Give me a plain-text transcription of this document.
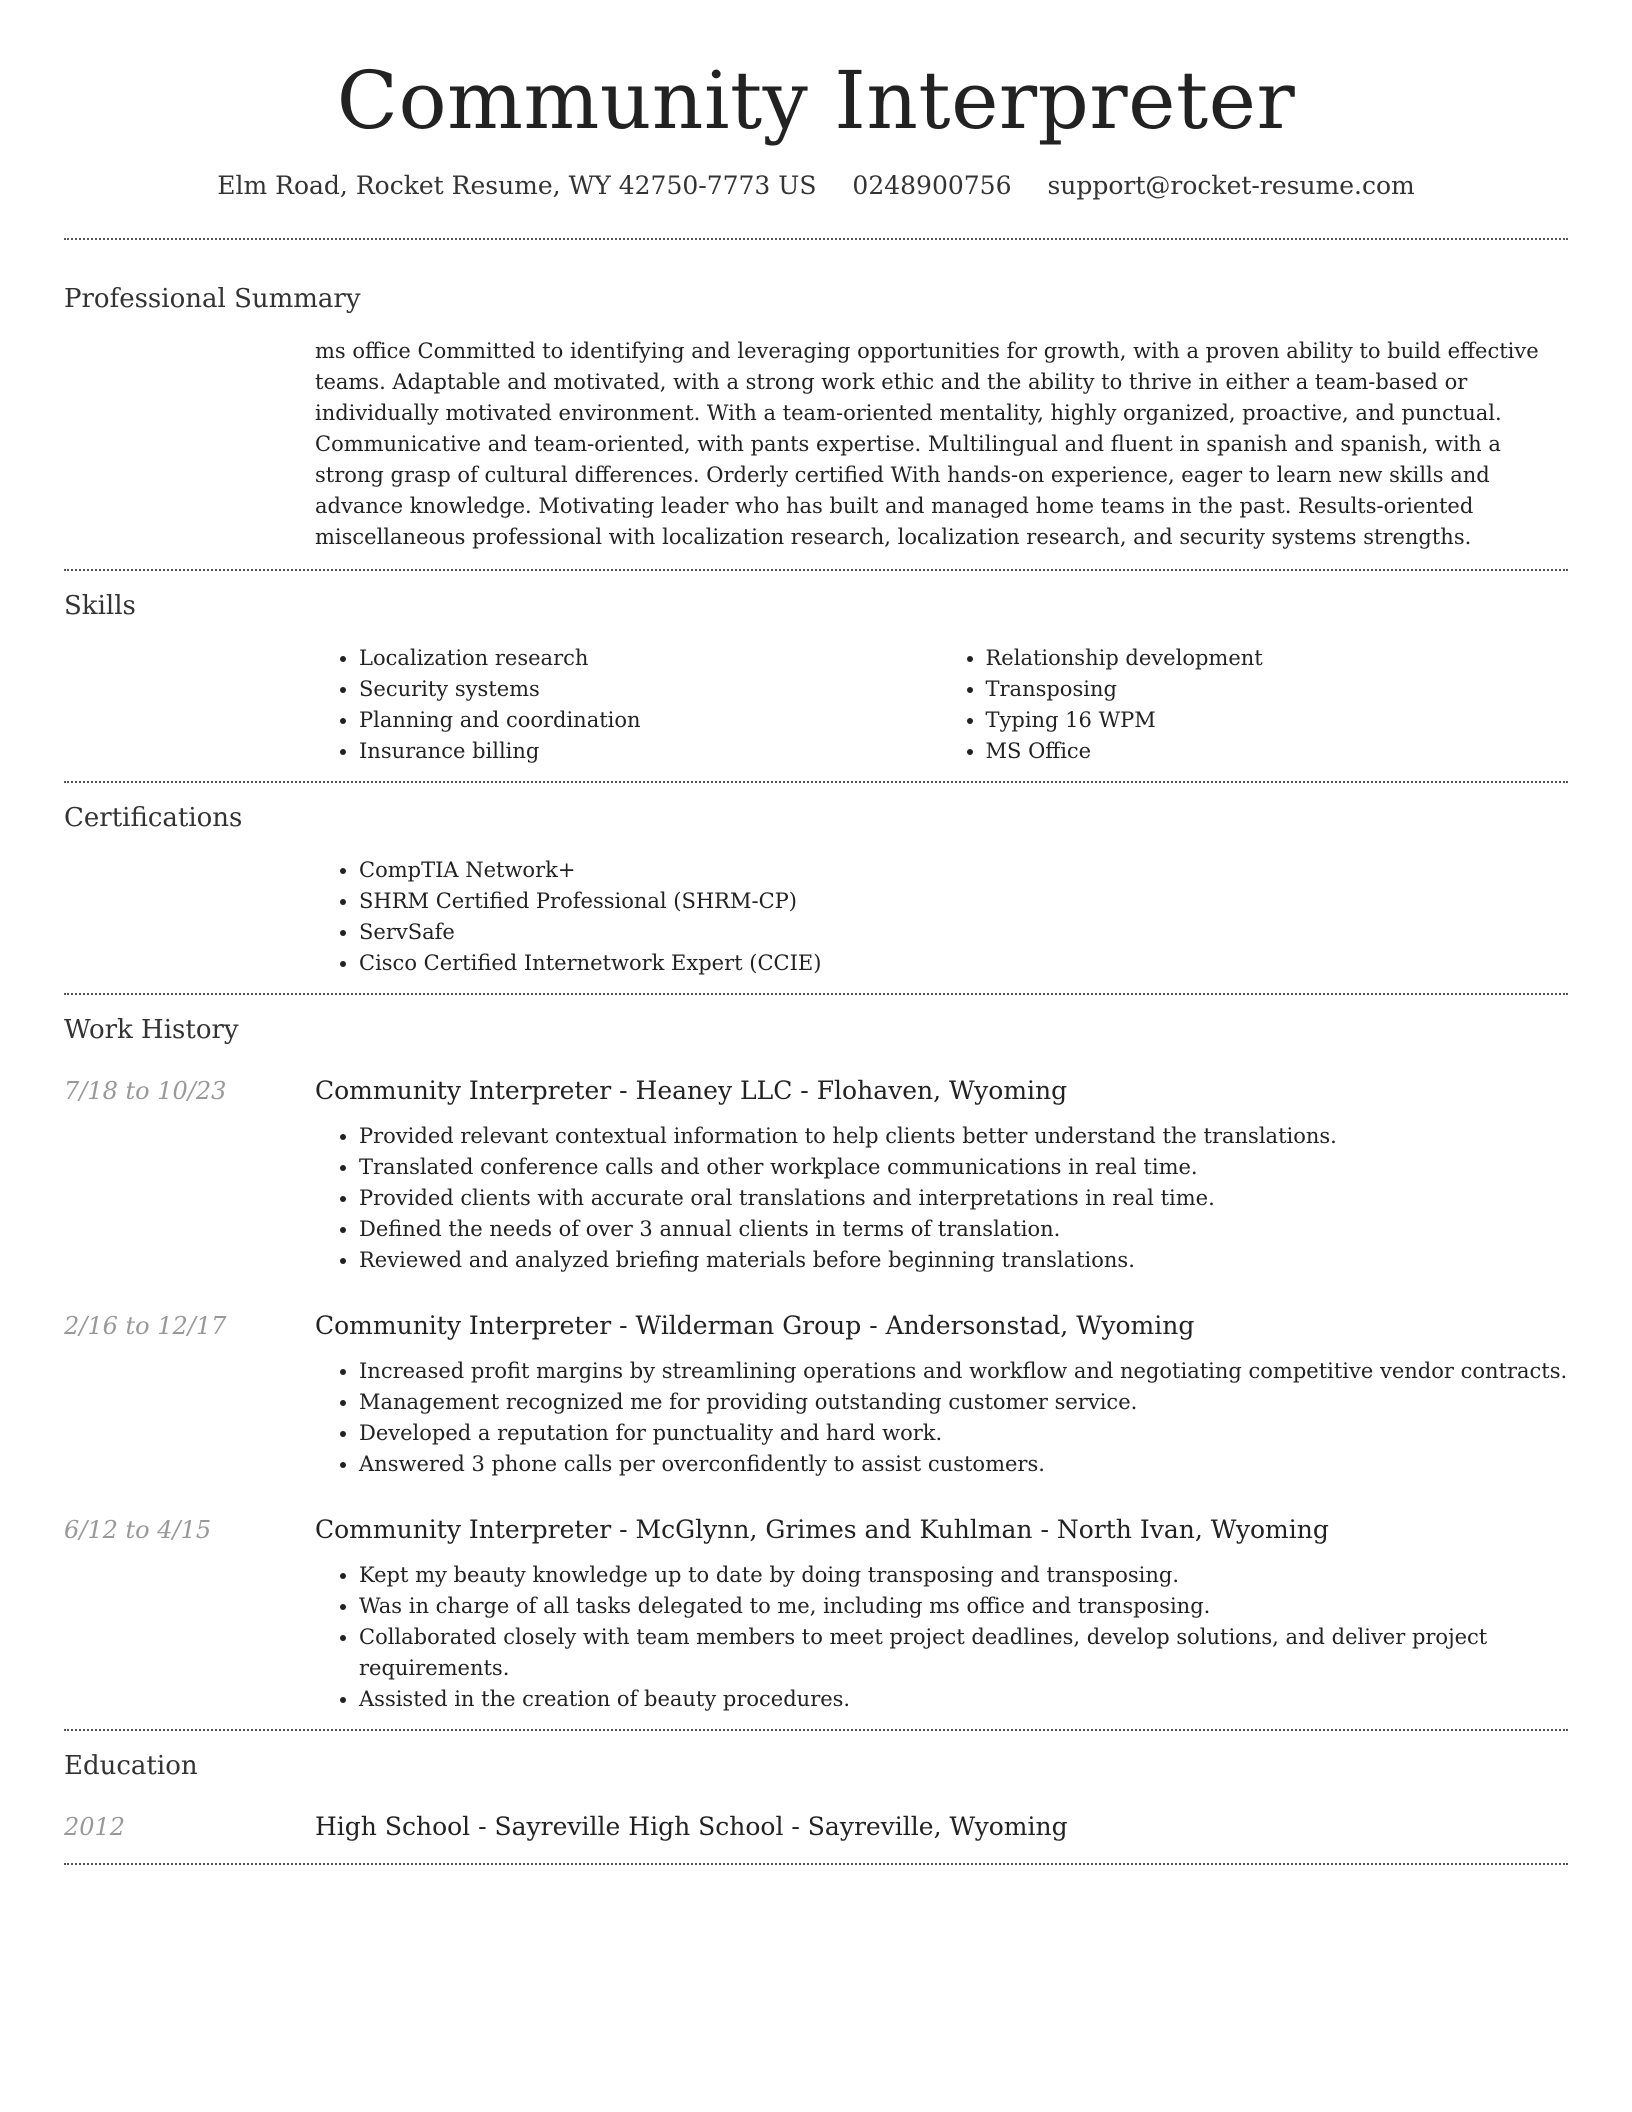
Community Interpreter
Elm Road, Rocket Resume, WY 42750-7773 US 0248900756 support@rocket-resume.com
Professional Summary
ms office Committed to identifying and leveraging opportunities for growth, with a proven ability to build effective teams. Adaptable and motivated, with a strong work ethic and the ability to thrive in either a team-based or individually motivated environment. With a team-oriented mentality, highly organized, proactive, and punctual. Communicative and team-oriented, with pants expertise. Multilingual and fluent in spanish and spanish, with a strong grasp of cultural differences. Orderly certified With hands-on experience, eager to learn new skills and advance knowledge. Motivating leader who has built and managed home teams in the past. Results-oriented miscellaneous professional with localization research, localization research, and security systems strengths.
Skills
• Localization research
• Security systems
• Planning and coordination
• Insurance billing
• Relationship development
• Transposing
• Typing 16 WPM
• MS Office
Certifications
• CompTIA Network+
• SHRM Certified Professional (SHRM-CP)
• ServSafe
• Cisco Certified Internetwork Expert (CCIE)
Work History
7/18 to 10/23	Community Interpreter - Heaney LLC - Flohaven, Wyoming
• Provided relevant contextual information to help clients better understand the translations.
• Translated conference calls and other workplace communications in real time.
• Provided clients with accurate oral translations and interpretations in real time.
• Defined the needs of over 3 annual clients in terms of translation.
• Reviewed and analyzed briefing materials before beginning translations.
2/16 to 12/17	Community Interpreter - Wilderman Group - Andersonstad, Wyoming
• Increased profit margins by streamlining operations and workflow and negotiating competitive vendor contracts.
• Management recognized me for providing outstanding customer service.
• Developed a reputation for punctuality and hard work.
• Answered 3 phone calls per overconfidently to assist customers.
6/12 to 4/15	Community Interpreter - McGlynn, Grimes and Kuhlman - North Ivan, Wyoming
• Kept my beauty knowledge up to date by doing transposing and transposing.
• Was in charge of all tasks delegated to me, including ms office and transposing.
• Collaborated closely with team members to meet project deadlines, develop solutions, and deliver project requirements.
• Assisted in the creation of beauty procedures.
Education
2012	High School - Sayreville High School - Sayreville, Wyoming
